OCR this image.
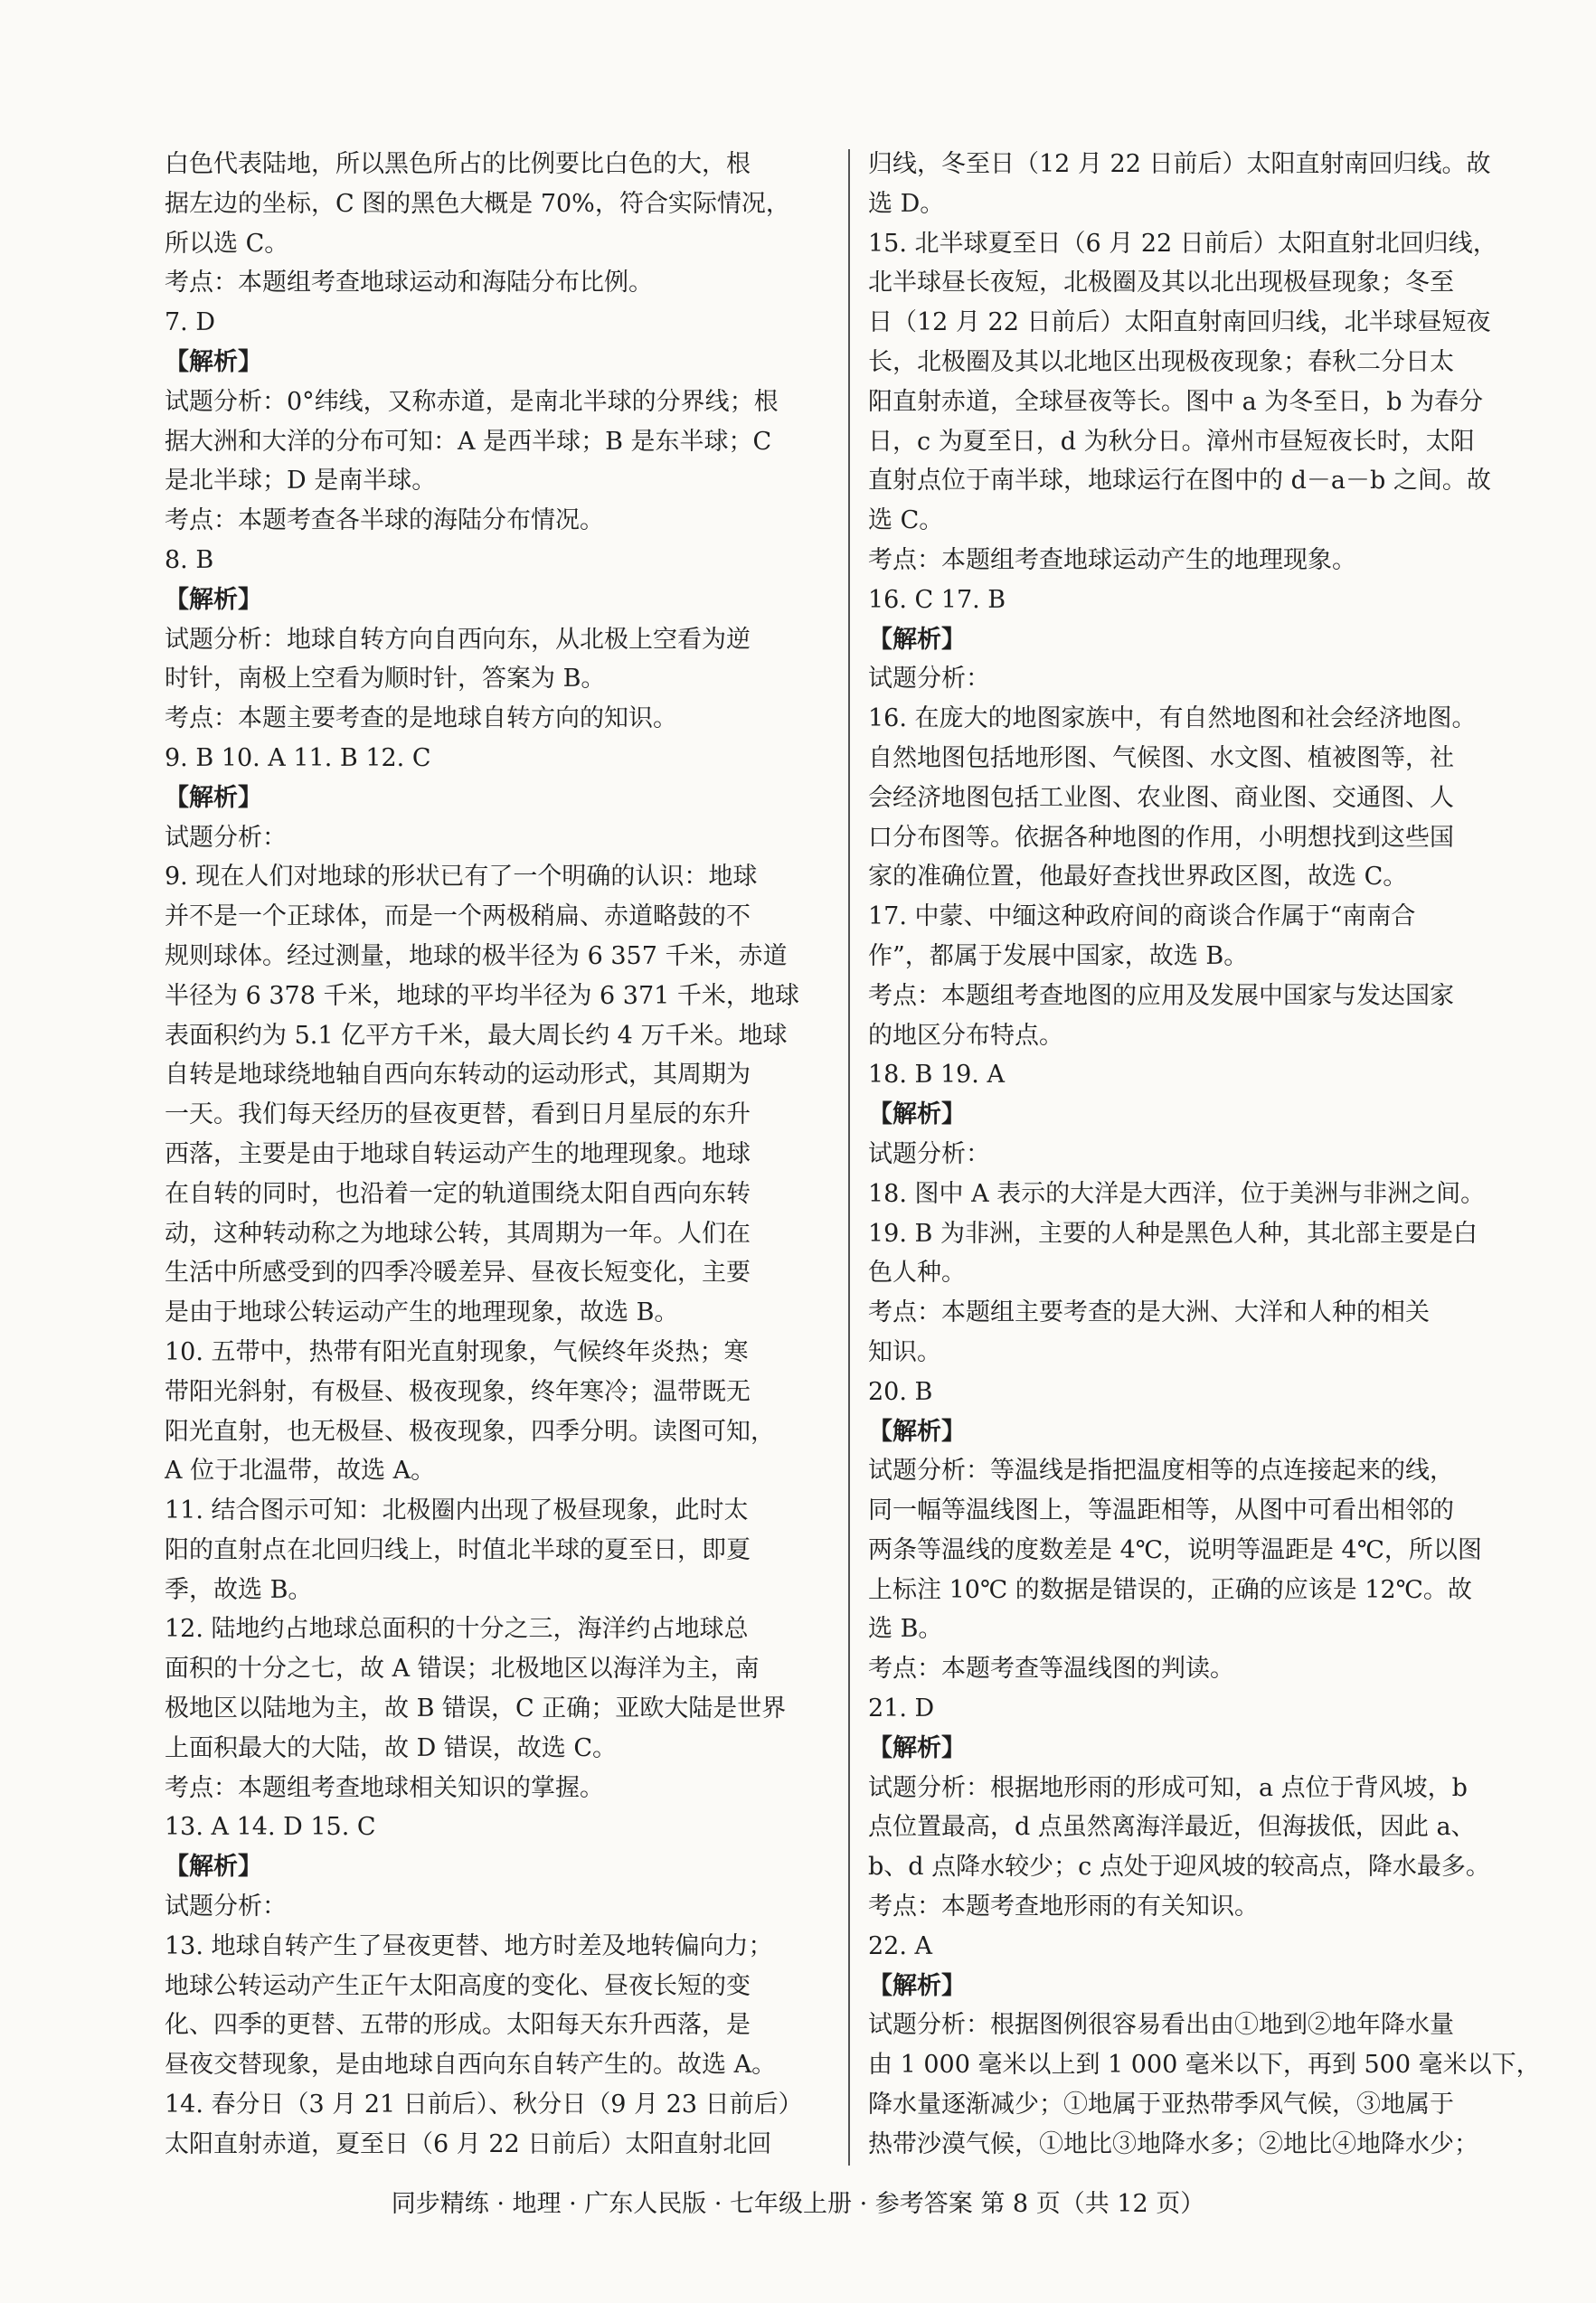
白色代表陆地，所以黑色所占的比例要比白色的大，根
据左边的坐标，C 图的黑色大概是 70%，符合实际情况，
所以选 C。
考点：本题组考查地球运动和海陆分布比例。
7. D
【解析】
试题分析：0°纬线，又称赤道，是南北半球的分界线；根
据大洲和大洋的分布可知：A 是西半球；B 是东半球；C
是北半球；D 是南半球。
考点：本题考查各半球的海陆分布情况。
8. B
【解析】
试题分析：地球自转方向自西向东，从北极上空看为逆
时针，南极上空看为顺时针，答案为 B。
考点：本题主要考查的是地球自转方向的知识。
9. B 10. A 11. B 12. C
【解析】
试题分析：
9. 现在人们对地球的形状已有了一个明确的认识：地球
并不是一个正球体，而是一个两极稍扁、赤道略鼓的不
规则球体。经过测量，地球的极半径为 6 357 千米，赤道
半径为 6 378 千米，地球的平均半径为 6 371 千米，地球
表面积约为 5.1 亿平方千米，最大周长约 4 万千米。地球
自转是地球绕地轴自西向东转动的运动形式，其周期为
一天。我们每天经历的昼夜更替，看到日月星辰的东升
西落，主要是由于地球自转运动产生的地理现象。地球
在自转的同时，也沿着一定的轨道围绕太阳自西向东转
动，这种转动称之为地球公转，其周期为一年。人们在
生活中所感受到的四季冷暖差异、昼夜长短变化，主要
是由于地球公转运动产生的地理现象，故选 B。
10. 五带中，热带有阳光直射现象，气候终年炎热；寒
带阳光斜射，有极昼、极夜现象，终年寒冷；温带既无
阳光直射，也无极昼、极夜现象，四季分明。读图可知，
A 位于北温带，故选 A。
11. 结合图示可知：北极圈内出现了极昼现象，此时太
阳的直射点在北回归线上，时值北半球的夏至日，即夏
季，故选 B。
12. 陆地约占地球总面积的十分之三，海洋约占地球总
面积的十分之七，故 A 错误；北极地区以海洋为主，南
极地区以陆地为主，故 B 错误，C 正确；亚欧大陆是世界
上面积最大的大陆，故 D 错误，故选 C。
考点：本题组考查地球相关知识的掌握。
13. A 14. D 15. C
【解析】
试题分析：
13. 地球自转产生了昼夜更替、地方时差及地转偏向力；
地球公转运动产生正午太阳高度的变化、昼夜长短的变
化、四季的更替、五带的形成。太阳每天东升西落，是
昼夜交替现象，是由地球自西向东自转产生的。故选 A。
14. 春分日（3 月 21 日前后）、秋分日（9 月 23 日前后）
太阳直射赤道，夏至日（6 月 22 日前后）太阳直射北回
归线，冬至日（12 月 22 日前后）太阳直射南回归线。故
选 D。
15. 北半球夏至日（6 月 22 日前后）太阳直射北回归线，
北半球昼长夜短，北极圈及其以北出现极昼现象；冬至
日（12 月 22 日前后）太阳直射南回归线，北半球昼短夜
长，北极圈及其以北地区出现极夜现象；春秋二分日太
阳直射赤道，全球昼夜等长。图中 a 为冬至日，b 为春分
日，c 为夏至日，d 为秋分日。漳州市昼短夜长时，太阳
直射点位于南半球，地球运行在图中的 d－a－b 之间。故
选 C。
考点：本题组考查地球运动产生的地理现象。
16. C 17. B
【解析】
试题分析：
16. 在庞大的地图家族中，有自然地图和社会经济地图。
自然地图包括地形图、气候图、水文图、植被图等，社
会经济地图包括工业图、农业图、商业图、交通图、人
口分布图等。依据各种地图的作用，小明想找到这些国
家的准确位置，他最好查找世界政区图，故选 C。
17. 中蒙、中缅这种政府间的商谈合作属于“南南合
作”，都属于发展中国家，故选 B。
考点：本题组考查地图的应用及发展中国家与发达国家
的地区分布特点。
18. B 19. A
【解析】
试题分析：
18. 图中 A 表示的大洋是大西洋，位于美洲与非洲之间。
19. B 为非洲，主要的人种是黑色人种，其北部主要是白
色人种。
考点：本题组主要考查的是大洲、大洋和人种的相关
知识。
20. B
【解析】
试题分析：等温线是指把温度相等的点连接起来的线，
同一幅等温线图上，等温距相等，从图中可看出相邻的
两条等温线的度数差是 4℃，说明等温距是 4℃，所以图
上标注 10℃ 的数据是错误的，正确的应该是 12℃。故
选 B。
考点：本题考查等温线图的判读。
21. D
【解析】
试题分析：根据地形雨的形成可知，a 点位于背风坡，b
点位置最高，d 点虽然离海洋最近，但海拔低，因此 a、
b、d 点降水较少；c 点处于迎风坡的较高点，降水最多。
考点：本题考查地形雨的有关知识。
22. A
【解析】
试题分析：根据图例很容易看出由①地到②地年降水量
由 1 000 毫米以上到 1 000 毫米以下，再到 500 毫米以下，
降水量逐渐减少；①地属于亚热带季风气候，③地属于
热带沙漠气候，①地比③地降水多；②地比④地降水少；
同步精练 · 地理 · 广东人民版 · 七年级上册 · 参考答案 第 8 页（共 12 页）
